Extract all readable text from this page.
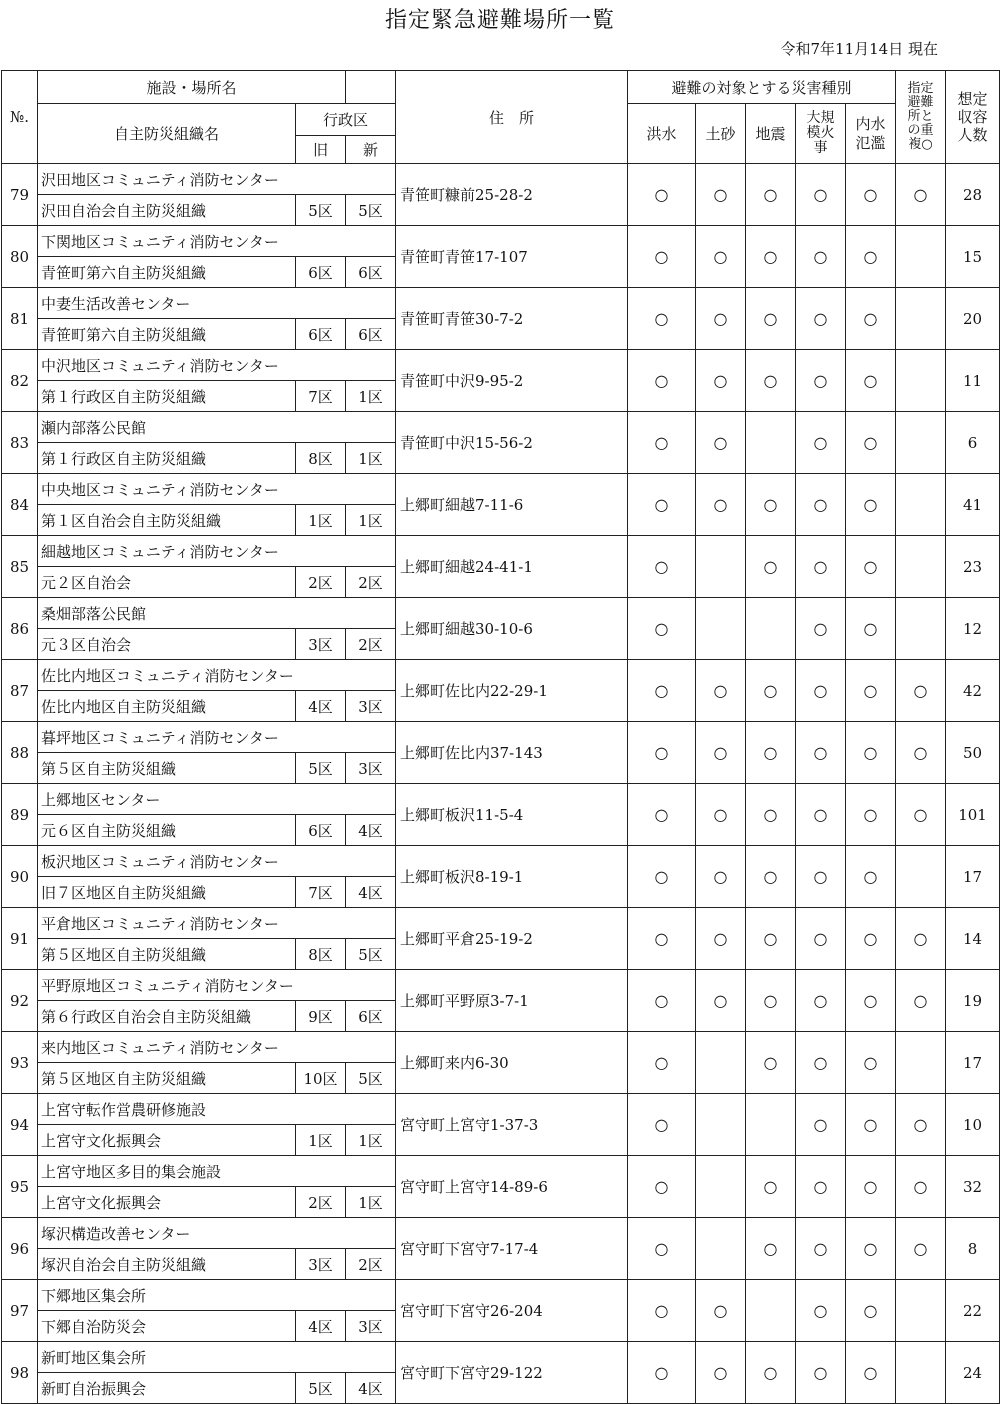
指定緊急避難場所一覧
令和7年11月14日 現在
№.	施設・場所名			住　所	避難の対象とする災害種別					指定
避難
所と
の重
複○	想定
収容
人数
	自主防災組織名	行政区			洪水	土砂	地震	大規
模火
事	内水
氾濫		
		旧	新								
79	沢田地区コミュニティ消防センター			青笹町糠前25-28-2	○	○	○	○	○	○	28
	沢田自治会自主防災組織	5区	5区								
80	下関地区コミュニティ消防センター			青笹町青笹17-107	○	○	○	○	○		15
	青笹町第六自主防災組織	6区	6区								
81	中妻生活改善センター			青笹町青笹30-7-2	○	○	○	○	○		20
	青笹町第六自主防災組織	6区	6区								
82	中沢地区コミュニティ消防センター			青笹町中沢9-95-2	○	○	○	○	○		11
	第１行政区自主防災組織	7区	1区								
83	瀬内部落公民館			青笹町中沢15-56-2	○	○		○	○		6
	第１行政区自主防災組織	8区	1区								
84	中央地区コミュニティ消防センター			上郷町細越7-11-6	○	○	○	○	○		41
	第１区自治会自主防災組織	1区	1区								
85	細越地区コミュニティ消防センター			上郷町細越24-41-1	○		○	○	○		23
	元２区自治会	2区	2区								
86	桑畑部落公民館			上郷町細越30-10-6	○			○	○		12
	元３区自治会	3区	2区								
87	佐比内地区コミュニティ消防センター			上郷町佐比内22-29-1	○	○	○	○	○	○	42
	佐比内地区自主防災組織	4区	3区								
88	暮坪地区コミュニティ消防センター			上郷町佐比内37-143	○	○	○	○	○	○	50
	第５区自主防災組織	5区	3区								
89	上郷地区センター			上郷町板沢11-5-4	○	○	○	○	○	○	101
	元６区自主防災組織	6区	4区								
90	板沢地区コミュニティ消防センター			上郷町板沢8-19-1	○	○	○	○	○		17
	旧７区地区自主防災組織	7区	4区								
91	平倉地区コミュニティ消防センター			上郷町平倉25-19-2	○	○	○	○	○	○	14
	第５区地区自主防災組織	8区	5区								
92	平野原地区コミュニティ消防センター			上郷町平野原3-7-1	○	○	○	○	○	○	19
	第６行政区自治会自主防災組織	9区	6区								
93	来内地区コミュニティ消防センター			上郷町来内6-30	○		○	○	○		17
	第５区地区自主防災組織	10区	5区								
94	上宮守転作営農研修施設			宮守町上宮守1-37-3	○			○	○	○	10
	上宮守文化振興会	1区	1区								
95	上宮守地区多目的集会施設			宮守町上宮守14-89-6	○		○	○	○	○	32
	上宮守文化振興会	2区	1区								
96	塚沢構造改善センター			宮守町下宮守7-17-4	○		○	○	○	○	8
	塚沢自治会自主防災組織	3区	2区								
97	下郷地区集会所			宮守町下宮守26-204	○	○		○	○		22
	下郷自治防災会	4区	3区								
98	新町地区集会所			宮守町下宮守29-122	○	○	○	○	○		24
	新町自治振興会	5区	4区								
